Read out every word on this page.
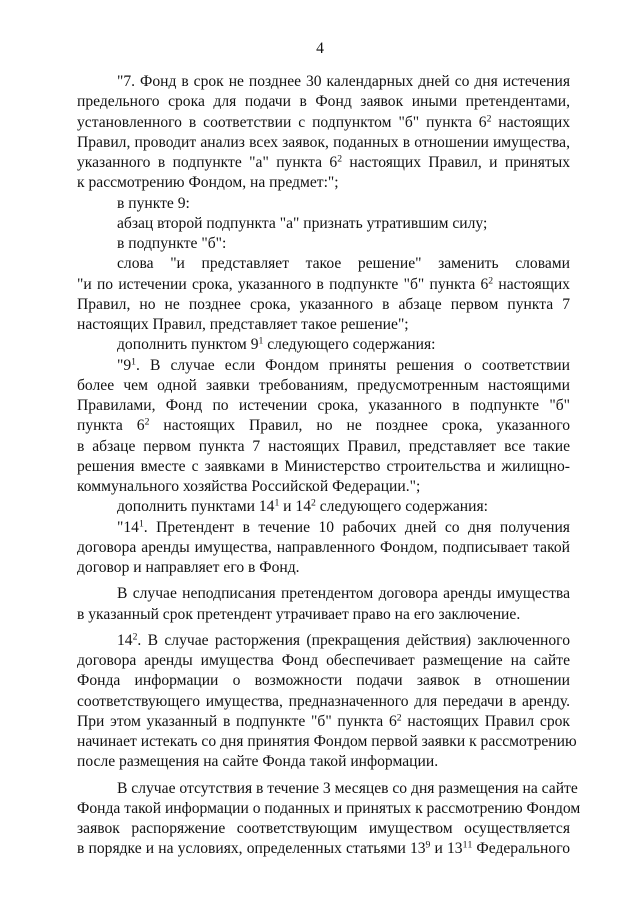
4
"7. Фонд в срок не позднее 30 календарных дней со дня истечения
предельного срока для подачи в Фонд заявок иными претендентами,
установленного в соответствии с подпунктом "б" пункта $6^2$ настоящих
Правил, проводит анализ всех заявок, поданных в отношении имущества,
указанного в подпункте "а" пункта $6^2$ настоящих Правил, и принятых
к рассмотрению Фондом, на предмет:";
в пункте 9:
абзац второй подпункта "а" признать утратившим силу;
в подпункте "б":
слова "и представляет такое решение" заменить словами
"и по истечении срока, указанного в подпункте "б" пункта $6^2$ настоящих
Правил, но не позднее срока, указанного в абзаце первом пункта 7
настоящих Правил, представляет такое решение";
дополнить пунктом $9^1$ следующего содержания:
"$9^1$. В случае если Фондом приняты решения о соответствии
более чем одной заявки требованиям, предусмотренным настоящими
Правилами, Фонд по истечении срока, указанного в подпункте "б"
пункта $6^2$ настоящих Правил, но не позднее срока, указанного
в абзаце первом пункта 7 настоящих Правил, представляет все такие
решения вместе с заявками в Министерство строительства и жилищно-
коммунального хозяйства Российской Федерации.";
дополнить пунктами $14^1$ и $14^2$ следующего содержания:
"$14^1$. Претендент в течение 10 рабочих дней со дня получения
договора аренды имущества, направленного Фондом, подписывает такой
договор и направляет его в Фонд.
В случае неподписания претендентом договора аренды имущества
в указанный срок претендент утрачивает право на его заключение.
$14^2$. В случае расторжения (прекращения действия) заключенного
договора аренды имущества Фонд обеспечивает размещение на сайте
Фонда информации о возможности подачи заявок в отношении
соответствующего имущества, предназначенного для передачи в аренду.
При этом указанный в подпункте "б" пункта $6^2$ настоящих Правил срок
начинает истекать со дня принятия Фондом первой заявки к рассмотрению
после размещения на сайте Фонда такой информации.
В случае отсутствия в течение 3 месяцев со дня размещения на сайте
Фонда такой информации о поданных и принятых к рассмотрению Фондом
заявок распоряжение соответствующим имуществом осуществляется
в порядке и на условиях, определенных статьями $13^9$ и $13^{11}$ Федерального
